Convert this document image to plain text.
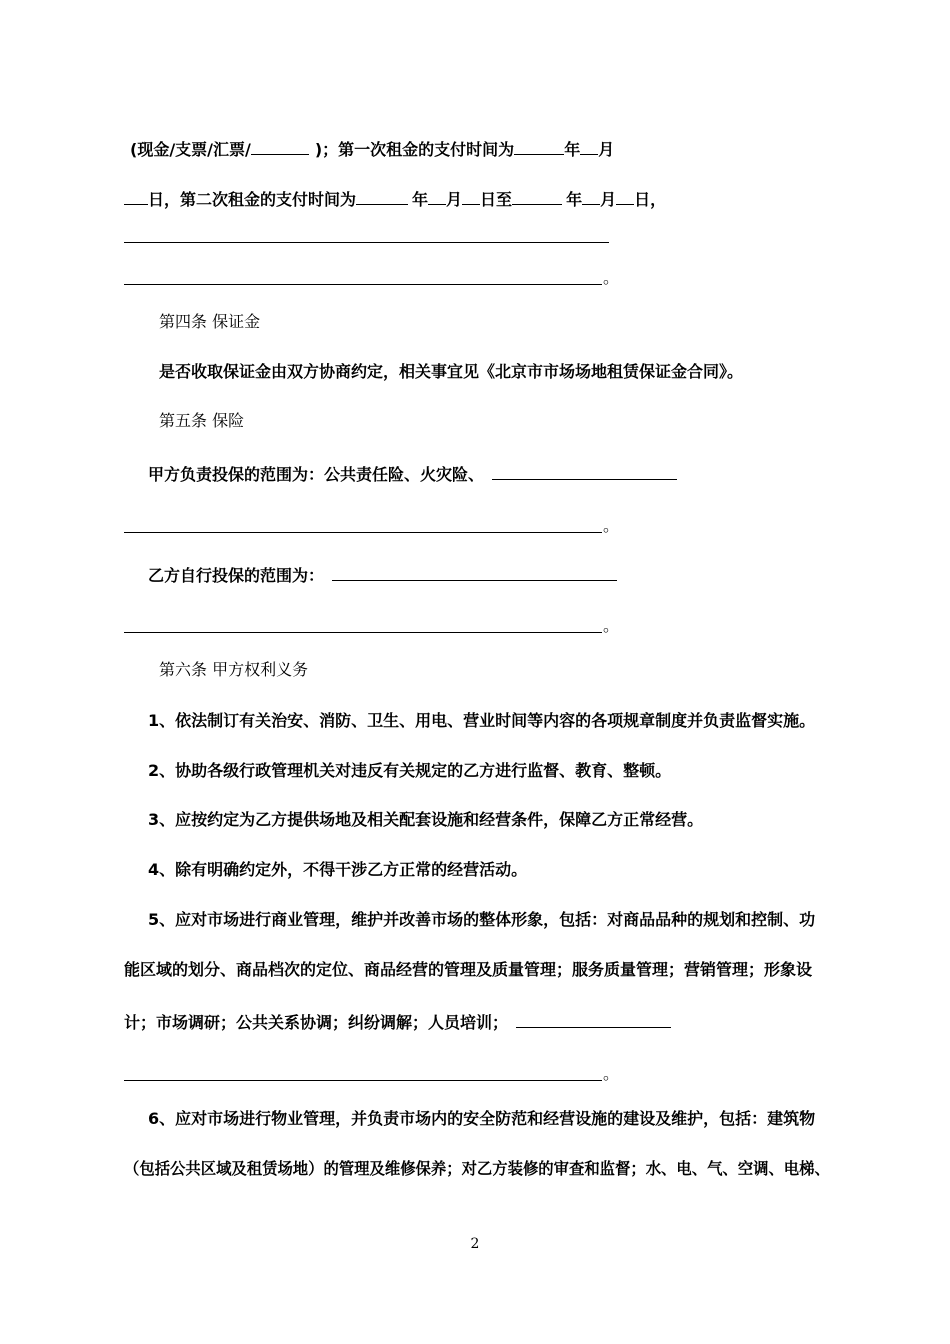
(现金/支票/汇票/	)；第一次租金的支付时间为	年 月
日，第二次租金的支付时间为	年 月 日至	年 月 日，
。
第四条 保证金
是否收取保证金由双方协商约定，相关事宜见《北京市市场场地租赁保证金合同》。
第五条 保险
甲方负责投保的范围为：公共责任险、火灾险、
。
乙方自行投保的范围为：
。
第六条 甲方权利义务
1、依法制订有关治安、消防、卫生、用电、营业时间等内容的各项规章制度并负责监督实施。
2、协助各级行政管理机关对违反有关规定的乙方进行监督、教育、整顿。
3、应按约定为乙方提供场地及相关配套设施和经营条件，保障乙方正常经营。
4、除有明确约定外，不得干涉乙方正常的经营活动。
5、应对市场进行商业管理，维护并改善市场的整体形象，包括：对商品品种的规划和控制、功
能区域的划分、商品档次的定位、商品经营的管理及质量管理；服务质量管理；营销管理；形象设
计；市场调研；公共关系协调；纠纷调解；人员培训；
。
6、应对市场进行物业管理，并负责市场内的安全防范和经营设施的建设及维护，包括：建筑物
（包括公共区域及租赁场地）的管理及维修保养；对乙方装修的审查和监督；水、电、气、空调、电梯、
2
